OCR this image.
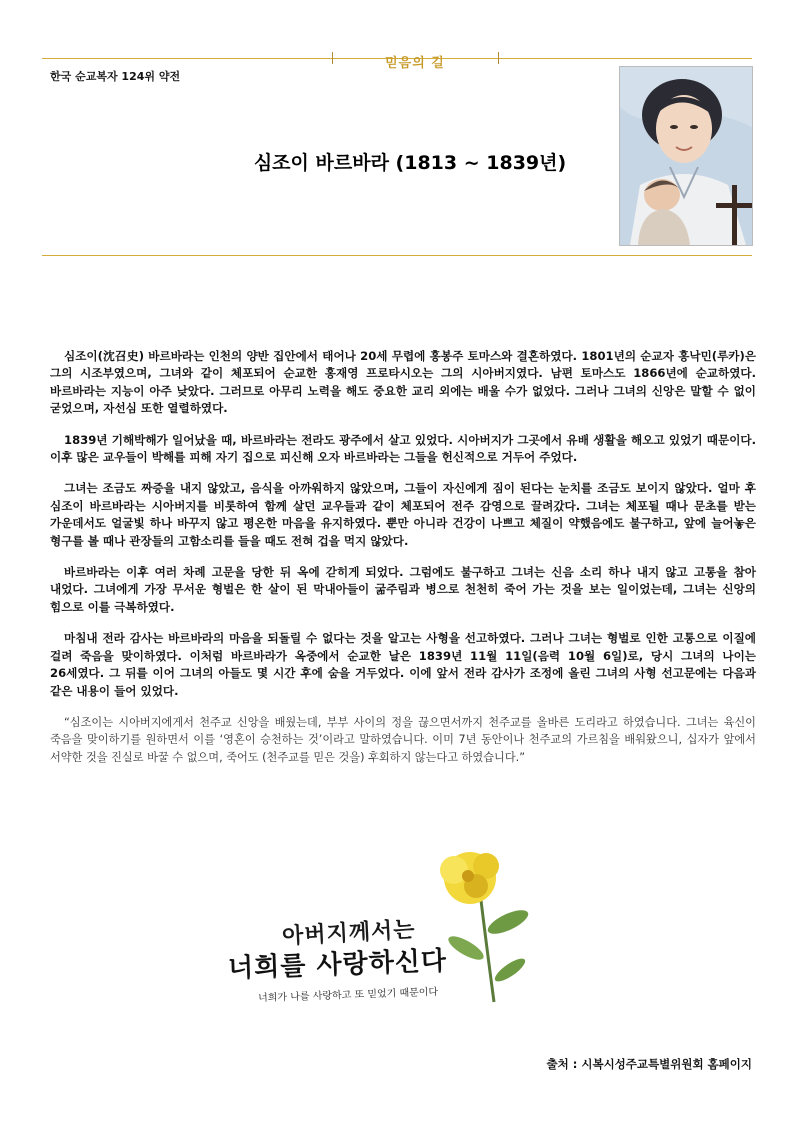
믿음의 길
한국 순교복자 124위 약전
심조이 바르바라 (1813 ~ 1839년)

심조이(沈召史) 바르바라는 인천의 양반 집안에서 태어나 20세 무렵에 홍봉주 토마스와 결혼하였다. 1801년의 순교자 홍낙민(루카)은 그의 시조부였으며, 그녀와 같이 체포되어 순교한 홍재영 프로타시오는 그의 시아버지였다. 남편 토마스도 1866년에 순교하였다. 바르바라는 지능이 아주 낮았다. 그러므로 아무리 노력을 해도 중요한 교리 외에는 배울 수가 없었다. 그러나 그녀의 신앙은 말할 수 없이 굳었으며, 자선심 또한 열렬하였다.

1839년 기해박해가 일어났을 때, 바르바라는 전라도 광주에서 살고 있었다. 시아버지가 그곳에서 유배 생활을 해오고 있었기 때문이다. 이후 많은 교우들이 박해를 피해 자기 집으로 피신해 오자 바르바라는 그들을 헌신적으로 거두어 주었다.

그녀는 조금도 짜증을 내지 않았고, 음식을 아까워하지 않았으며, 그들이 자신에게 짐이 된다는 눈치를 조금도 보이지 않았다. 얼마 후 심조이 바르바라는 시아버지를 비롯하여 함께 살던 교우들과 같이 체포되어 전주 감영으로 끌려갔다. 그녀는 체포될 때나 문초를 받는 가운데서도 얼굴빛 하나 바꾸지 않고 평온한 마음을 유지하였다. 뿐만 아니라 건강이 나쁘고 체질이 약했음에도 불구하고, 앞에 늘어놓은 형구를 볼 때나 관장들의 고함소리를 들을 때도 전혀 겁을 먹지 않았다.

바르바라는 이후 여러 차례 고문을 당한 뒤 옥에 갇히게 되었다. 그럼에도 불구하고 그녀는 신음 소리 하나 내지 않고 고통을 참아 내었다. 그녀에게 가장 무서운 형벌은 한 살이 된 막내아들이 굶주림과 병으로 천천히 죽어 가는 것을 보는 일이었는데, 그녀는 신앙의 힘으로 이를 극복하였다.

마침내 전라 감사는 바르바라의 마음을 되돌릴 수 없다는 것을 알고는 사형을 선고하였다. 그러나 그녀는 형벌로 인한 고통으로 이질에 걸려 죽음을 맞이하였다. 이처럼 바르바라가 옥중에서 순교한 날은 1839년 11월 11일(음력 10월 6일)로, 당시 그녀의 나이는 26세였다. 그 뒤를 이어 그녀의 아들도 몇 시간 후에 숨을 거두었다. 이에 앞서 전라 감사가 조정에 올린 그녀의 사형 선고문에는 다음과 같은 내용이 들어 있었다.

“심조이는 시아버지에게서 천주교 신앙을 배웠는데, 부부 사이의 정을 끊으면서까지 천주교를 올바른 도리라고 하였습니다. 그녀는 육신이 죽음을 맞이하기를 원하면서 이를 ‘영혼이 승천하는 것’이라고 말하였습니다. 이미 7년 동안이나 천주교의 가르침을 배워왔으니, 십자가 앞에서 서약한 것을 진실로 바꿀 수 없으며, 죽어도 (천주교를 믿은 것을) 후회하지 않는다고 하였습니다.”

아버지께서는
너희를 사랑하신다
너희가 나를 사랑하고 또 믿었기 때문이다
출처 : 시복시성주교특별위원회 홈페이지
